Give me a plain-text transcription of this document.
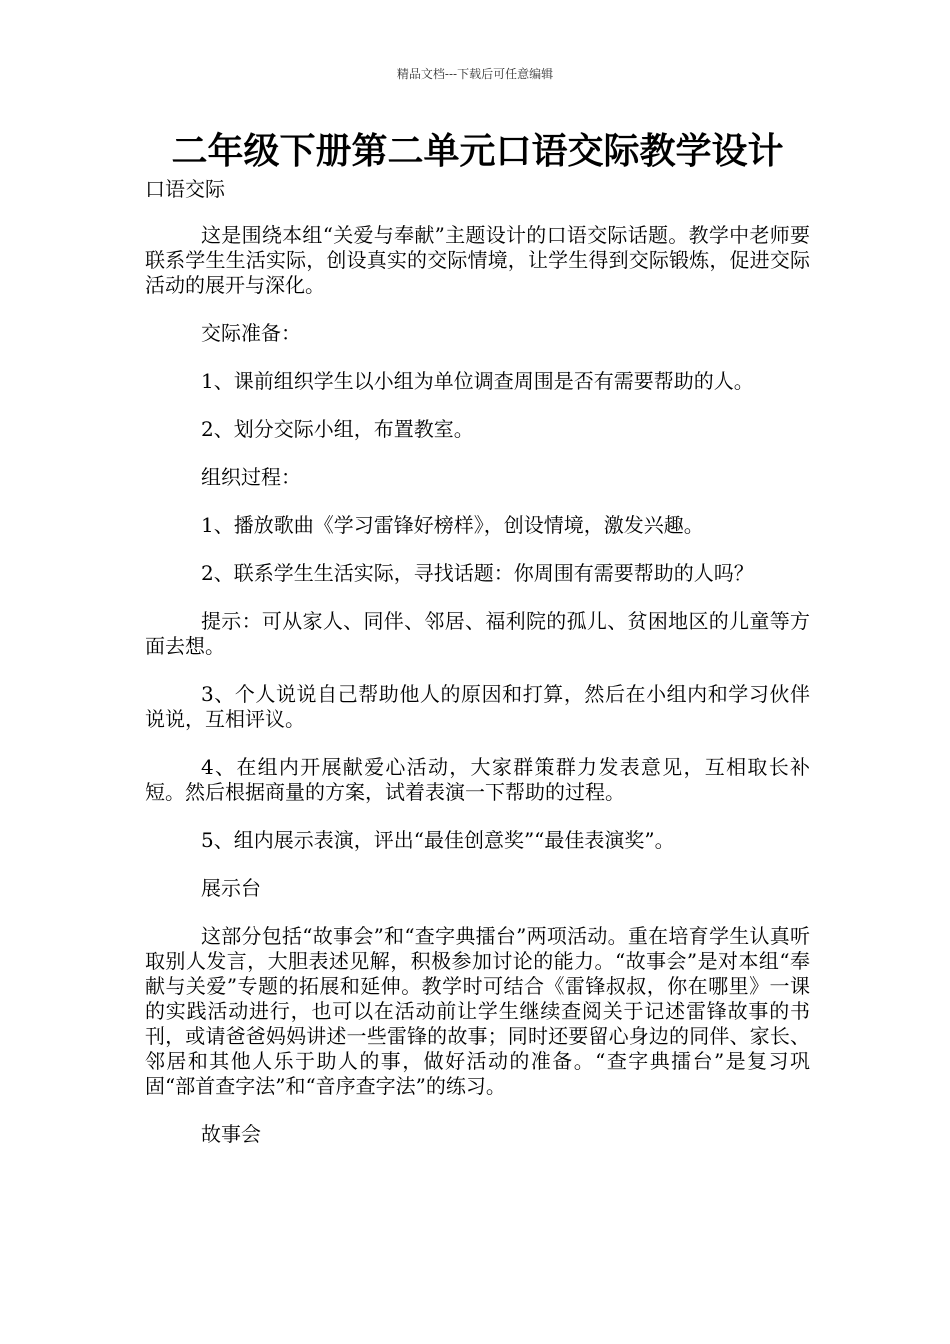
精品文档---下载后可任意编辑
二年级下册第二单元口语交际教学设计
口语交际

这是围绕本组“关爱与奉献”主题设计的口语交际话题。教学中老师要联系学生生活实际，创设真实的交际情境，让学生得到交际锻炼，促进交际活动的展开与深化。

交际准备：

1、课前组织学生以小组为单位调查周围是否有需要帮助的人。

2、划分交际小组，布置教室。

组织过程：

1、播放歌曲《学习雷锋好榜样》，创设情境，激发兴趣。

2、联系学生生活实际，寻找话题：你周围有需要帮助的人吗？

提示：可从家人、同伴、邻居、福利院的孤儿、贫困地区的儿童等方面去想。

3、个人说说自己帮助他人的原因和打算，然后在小组内和学习伙伴说说，互相评议。

4、在组内开展献爱心活动，大家群策群力发表意见，互相取长补短。然后根据商量的方案，试着表演一下帮助的过程。

5、组内展示表演，评出“最佳创意奖”“最佳表演奖”。

展示台

这部分包括“故事会”和“查字典擂台”两项活动。重在培育学生认真听取别人发言，大胆表述见解，积极参加讨论的能力。“故事会”是对本组“奉献与关爱”专题的拓展和延伸。教学时可结合《雷锋叔叔，你在哪里》一课的实践活动进行，也可以在活动前让学生继续查阅关于记述雷锋故事的书刊，或请爸爸妈妈讲述一些雷锋的故事；同时还要留心身边的同伴、家长、邻居和其他人乐于助人的事，做好活动的准备。“查字典擂台”是复习巩固“部首查字法”和“音序查字法”的练习。

故事会
